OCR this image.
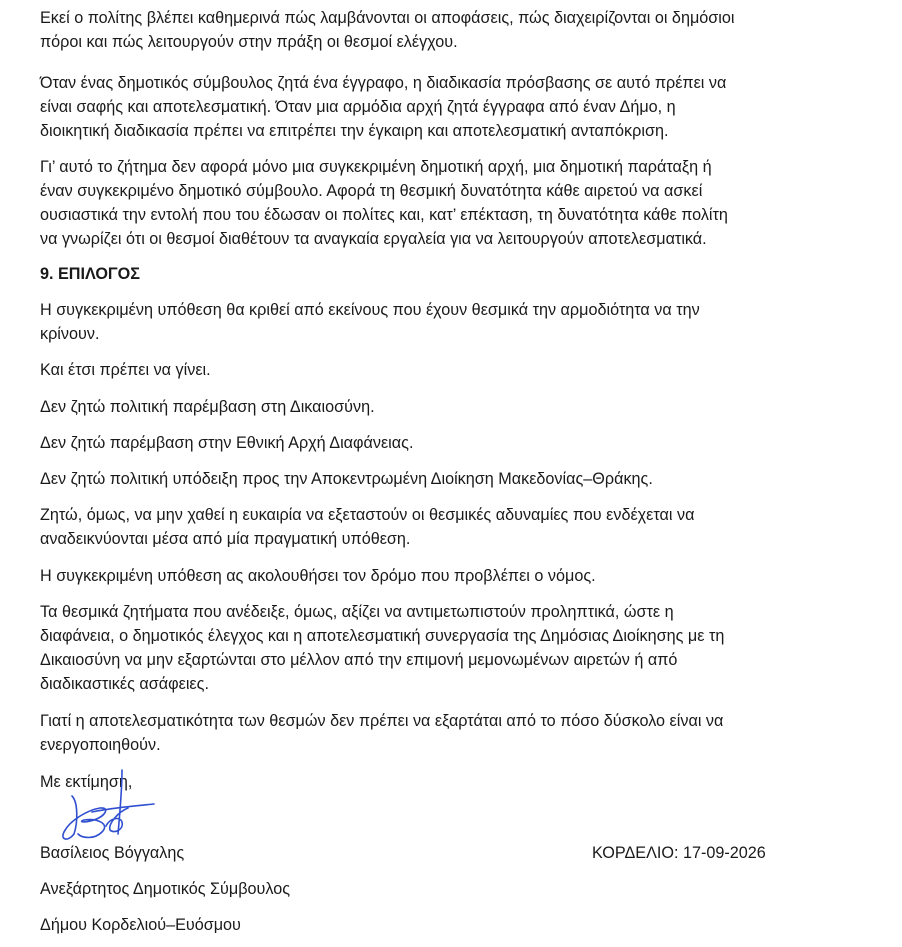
Εκεί ο πολίτης βλέπει καθημερινά πώς λαμβάνονται οι αποφάσεις, πώς διαχειρίζονται οι δημόσιοι
πόροι και πώς λειτουργούν στην πράξη οι θεσμοί ελέγχου.

Όταν ένας δημοτικός σύμβουλος ζητά ένα έγγραφο, η διαδικασία πρόσβασης σε αυτό πρέπει να
είναι σαφής και αποτελεσματική. Όταν μια αρμόδια αρχή ζητά έγγραφα από έναν Δήμο, η
διοικητική διαδικασία πρέπει να επιτρέπει την έγκαιρη και αποτελεσματική ανταπόκριση.

Γι’ αυτό το ζήτημα δεν αφορά μόνο μια συγκεκριμένη δημοτική αρχή, μια δημοτική παράταξη ή
έναν συγκεκριμένο δημοτικό σύμβουλο. Αφορά τη θεσμική δυνατότητα κάθε αιρετού να ασκεί
ουσιαστικά την εντολή που του έδωσαν οι πολίτες και, κατ’ επέκταση, τη δυνατότητα κάθε πολίτη
να γνωρίζει ότι οι θεσμοί διαθέτουν τα αναγκαία εργαλεία για να λειτουργούν αποτελεσματικά.

9. ΕΠΙΛΟΓΟΣ

Η συγκεκριμένη υπόθεση θα κριθεί από εκείνους που έχουν θεσμικά την αρμοδιότητα να την
κρίνουν.

Και έτσι πρέπει να γίνει.

Δεν ζητώ πολιτική παρέμβαση στη Δικαιοσύνη.

Δεν ζητώ παρέμβαση στην Εθνική Αρχή Διαφάνειας.

Δεν ζητώ πολιτική υπόδειξη προς την Αποκεντρωμένη Διοίκηση Μακεδονίας–Θράκης.

Ζητώ, όμως, να μην χαθεί η ευκαιρία να εξεταστούν οι θεσμικές αδυναμίες που ενδέχεται να
αναδεικνύονται μέσα από μία πραγματική υπόθεση.

Η συγκεκριμένη υπόθεση ας ακολουθήσει τον δρόμο που προβλέπει ο νόμος.

Τα θεσμικά ζητήματα που ανέδειξε, όμως, αξίζει να αντιμετωπιστούν προληπτικά, ώστε η
διαφάνεια, ο δημοτικός έλεγχος και η αποτελεσματική συνεργασία της Δημόσιας Διοίκησης με τη
Δικαιοσύνη να μην εξαρτώνται στο μέλλον από την επιμονή μεμονωμένων αιρετών ή από
διαδικαστικές ασάφειες.

Γιατί η αποτελεσματικότητα των θεσμών δεν πρέπει να εξαρτάται από το πόσο δύσκολο είναι να
ενεργοποιηθούν.

Με εκτίμηση,
Βασίλειος Βόγγαλης	ΚΟΡΔΕΛΙΟ: 17-09-2026
Ανεξάρτητος Δημοτικός Σύμβουλος
Δήμου Κορδελιού–Ευόσμου
